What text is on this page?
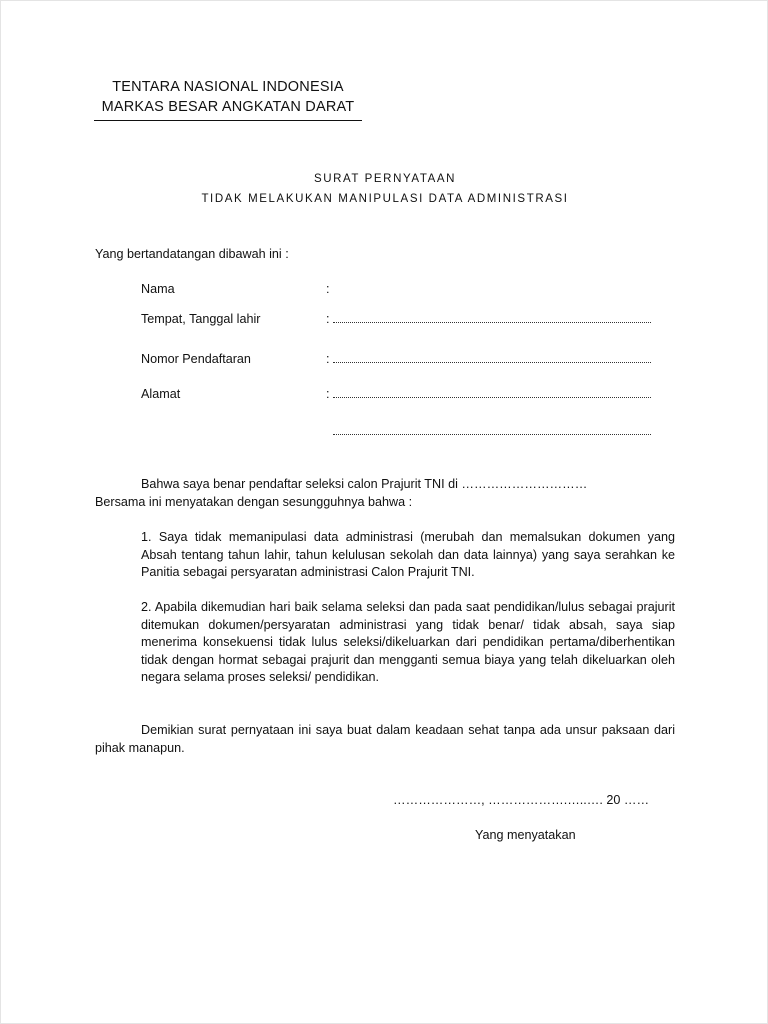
TENTARA NASIONAL INDONESIA
MARKAS BESAR ANGKATAN DARAT
SURAT PERNYATAAN
TIDAK MELAKUKAN MANIPULASI DATA ADMINISTRASI
Yang bertandatangan dibawah ini :
Nama	:
Tempat, Tanggal lahir	:
Nomor Pendaftaran	:
Alamat	:
Bahwa saya benar pendaftar seleksi calon Prajurit TNI di …………………………
Bersama ini menyatakan dengan sesungguhnya bahwa :
1. Saya tidak memanipulasi data administrasi (merubah dan memalsukan dokumen yang Absah tentang tahun lahir, tahun kelulusan sekolah dan data lainnya) yang saya serahkan ke Panitia sebagai persyaratan administrasi Calon Prajurit TNI.
2. Apabila dikemudian hari baik selama seleksi dan pada saat pendidikan/lulus sebagai prajurit ditemukan dokumen/persyaratan administrasi yang tidak benar/ tidak absah, saya siap menerima konsekuensi tidak lulus seleksi/dikeluarkan dari pendidikan pertama/diberhentikan tidak dengan hormat sebagai prajurit dan mengganti semua biaya yang telah dikeluarkan oleh negara selama proses seleksi/ pendidikan.
Demikian surat pernyataan ini saya buat dalam keadaan sehat tanpa ada unsur paksaan dari pihak manapun.
…………………, ……………….…..…. 20 ……
Yang menyatakan
